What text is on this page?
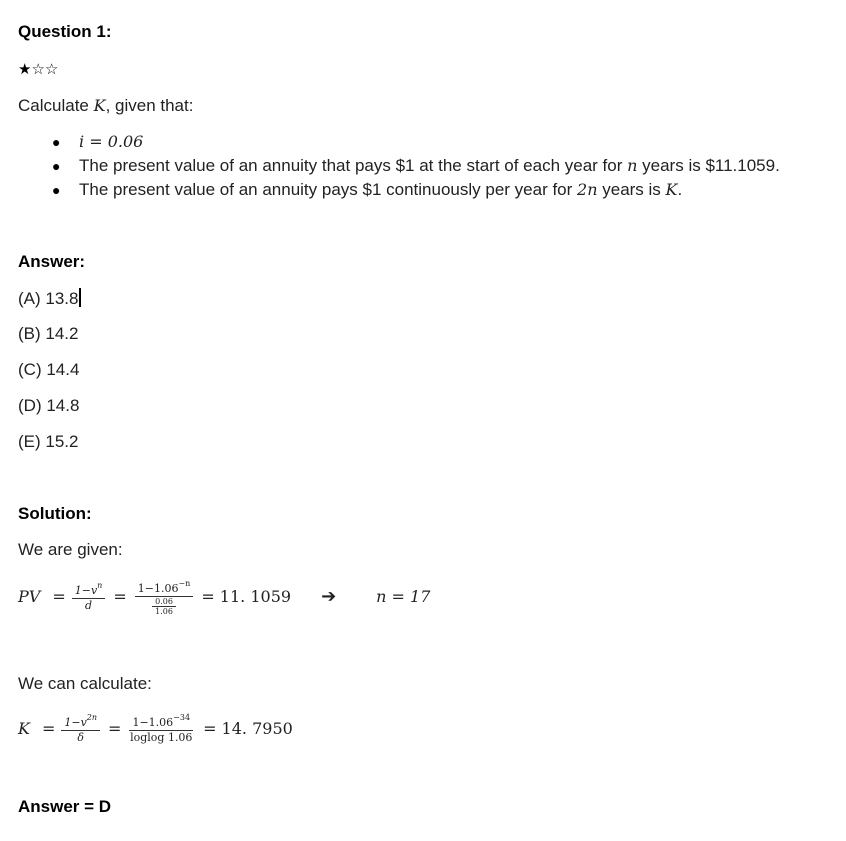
Question 1:
★☆☆
Calculate K, given that:
● i = 0.06
● The present value of an annuity that pays $1 at the start of each year for n years is $11.1059.
● The present value of an annuity pays $1 continuously per year for 2n years is K.
Answer:
(A) 13.8
(B) 14.2
(C) 14.4
(D) 14.8
(E) 15.2
Solution:
We are given:
PV = $\frac{1-v^n}{d} = \frac{1-1.06^{-n}}{\frac{0.06}{1.06}} = 11$. 1059 ➔	n = 17
We can calculate:
$K = \frac{1-v^{2n}}{\delta} = \frac{1-1.06^{-34}}{\text{loglog 1.06}} = 14$. 7950
Answer = D
